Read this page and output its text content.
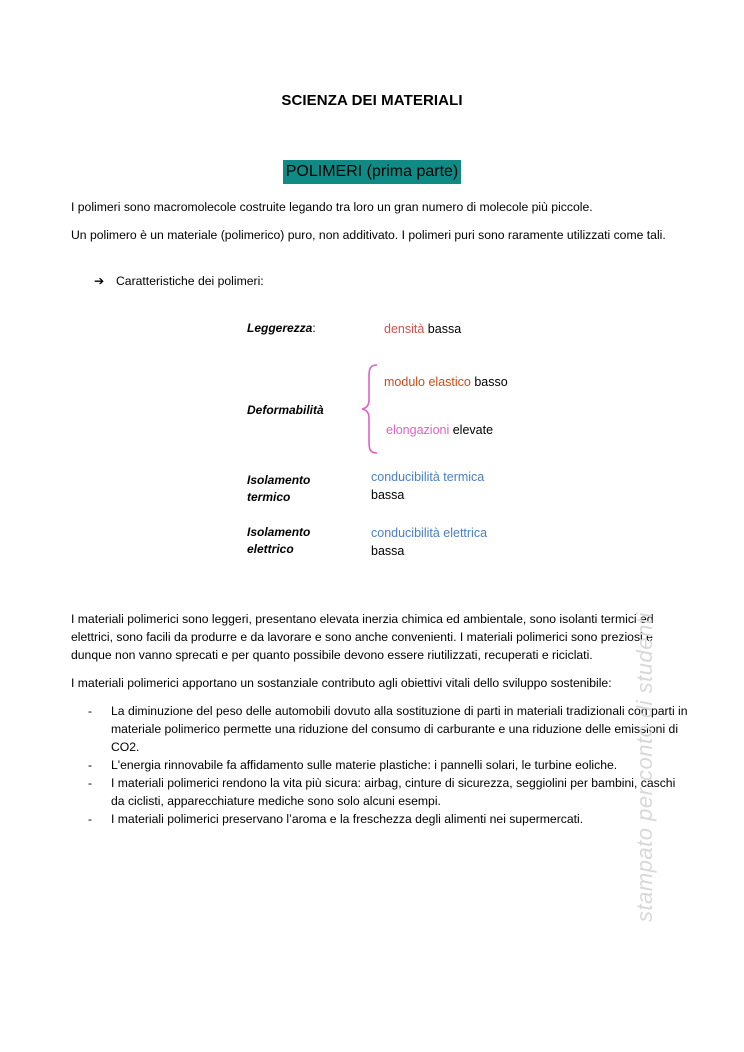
SCIENZA DEI MATERIALI
POLIMERI (prima parte)
I polimeri sono macromolecole costruite legando tra loro un gran numero di molecole più piccole.
Un polimero è un materiale (polimerico) puro, non additivato. I polimeri puri sono raramente utilizzati come tali.
➔ Caratteristiche dei polimeri:
Leggerezza:	densità bassa
modulo elastico basso
Deformabilità
elongazioni elevate
Isolamento
termico
conducibilità termica
bassa
Isolamento
elettrico
conducibilità elettrica
bassa
I materiali polimerici sono leggeri, presentano elevata inerzia chimica ed ambientale, sono isolanti termici ed elettrici, sono facili da produrre e da lavorare e sono anche convenienti. I materiali polimerici sono preziosi e dunque non vanno sprecati e per quanto possibile devono essere riutilizzati, recuperati e riciclati.
I materiali polimerici apportano un sostanziale contributo agli obiettivi vitali dello sviluppo sostenibile:
- La diminuzione del peso delle automobili dovuto alla sostituzione di parti in materiali tradizionali con parti in materiale polimerico permette una riduzione del consumo di carburante e una riduzione delle emissioni di CO2.
- L'energia rinnovabile fa affidamento sulle materie plastiche: i pannelli solari, le turbine eoliche.
- I materiali polimerici rendono la vita più sicura: airbag, cinture di sicurezza, seggiolini per bambini, caschi da ciclisti, apparecchiature mediche sono solo alcuni esempi.
- I materiali polimerici preservano l’aroma e la freschezza degli alimenti nei supermercati.	stampato per conto di studenti
